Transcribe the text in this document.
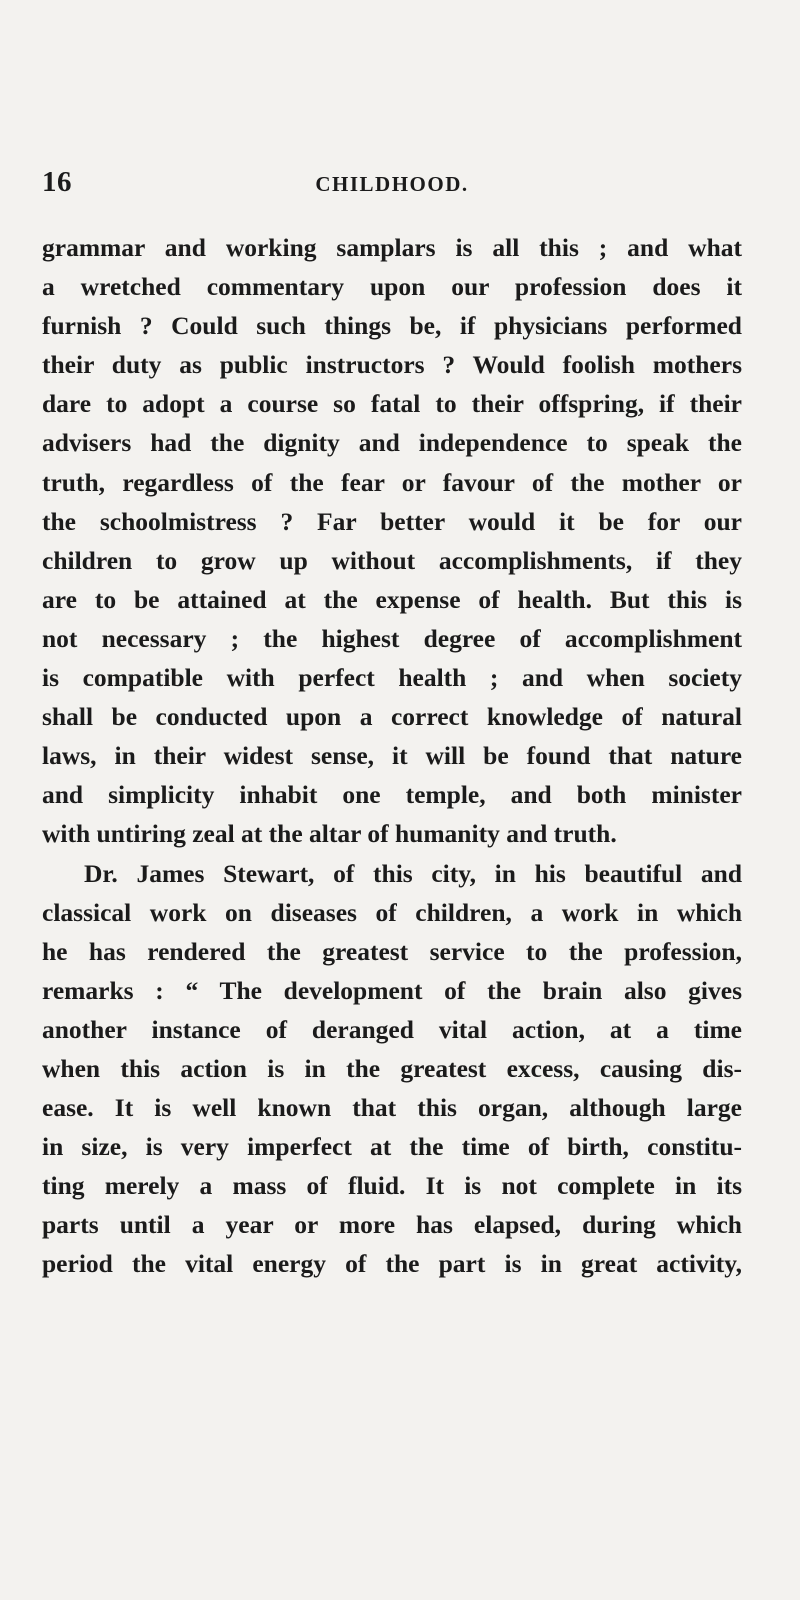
16	CHILDHOOD.
grammar and working samplars is all this ; and what
a wretched commentary upon our profession does it
furnish ? Could such things be, if physicians performed
their duty as public instructors ? Would foolish mothers
dare to adopt a course so fatal to their offspring, if their
advisers had the dignity and independence to speak the
truth, regardless of the fear or favour of the mother or
the schoolmistress ? Far better would it be for our
children to grow up without accomplishments, if they
are to be attained at the expense of health. But this is
not necessary ; the highest degree of accomplishment
is compatible with perfect health ; and when society
shall be conducted upon a correct knowledge of natural
laws, in their widest sense, it will be found that nature
and simplicity inhabit one temple, and both minister
with untiring zeal at the altar of humanity and truth.
Dr. James Stewart, of this city, in his beautiful and
classical work on diseases of children, a work in which
he has rendered the greatest service to the profession,
remarks : “ The development of the brain also gives
another instance of deranged vital action, at a time
when this action is in the greatest excess, causing dis-
ease. It is well known that this organ, although large
in size, is very imperfect at the time of birth, constitu-
ting merely a mass of fluid. It is not complete in its
parts until a year or more has elapsed, during which
period the vital energy of the part is in great activity,
